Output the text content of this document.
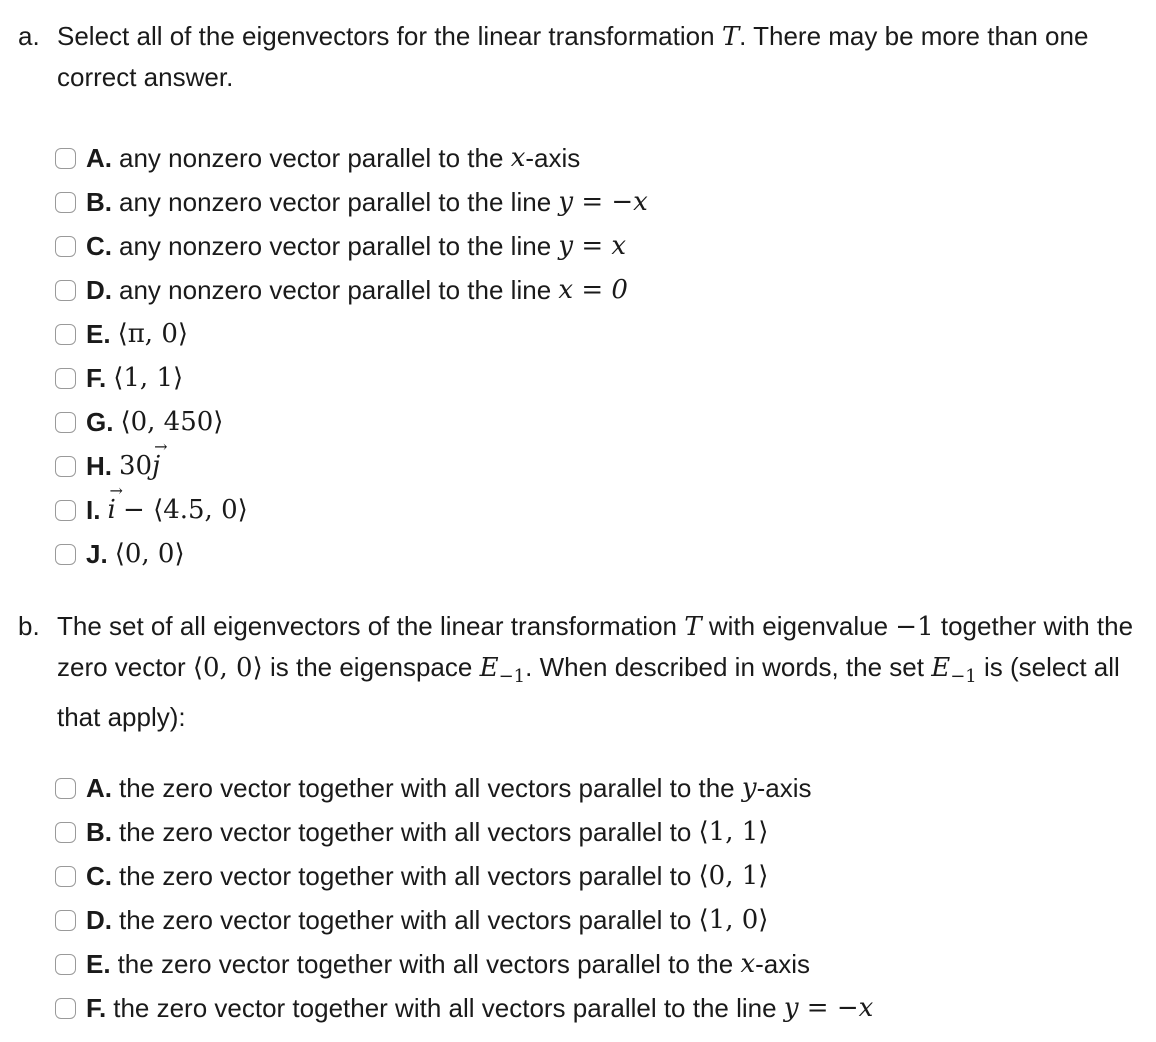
a. Select all of the eigenvectors for the linear transformation T. There may be more than one correct answer.
A. any nonzero vector parallel to the
x -axis
B. any nonzero vector parallel to the line
y = −x
C. any nonzero vector parallel to the line
y = x
D. any nonzero vector parallel to the line
x = 0
E. ⟨π, 0⟩
F. ⟨1, 1⟩
G. ⟨0, 450⟩
H. 30 → j
I. → i
− ⟨4.5, 0⟩
J. ⟨0, 0⟩
b. The set of all eigenvectors of the linear transformation T with eigenvalue −1 together with the zero vector ⟨0, 0⟩ is the eigenspace $E_{-1}$. When described in words, the set $E_{-1}$ is (select all that apply):
A. the zero vector together with all vectors parallel to the
y -axis
B. the zero vector together with all vectors parallel to
⟨1, 1⟩
C. the zero vector together with all vectors parallel to
⟨0, 1⟩
D. the zero vector together with all vectors parallel to
⟨1, 0⟩
E. the zero vector together with all vectors parallel to the
x -axis
F. the zero vector together with all vectors parallel to the line
y = −x
